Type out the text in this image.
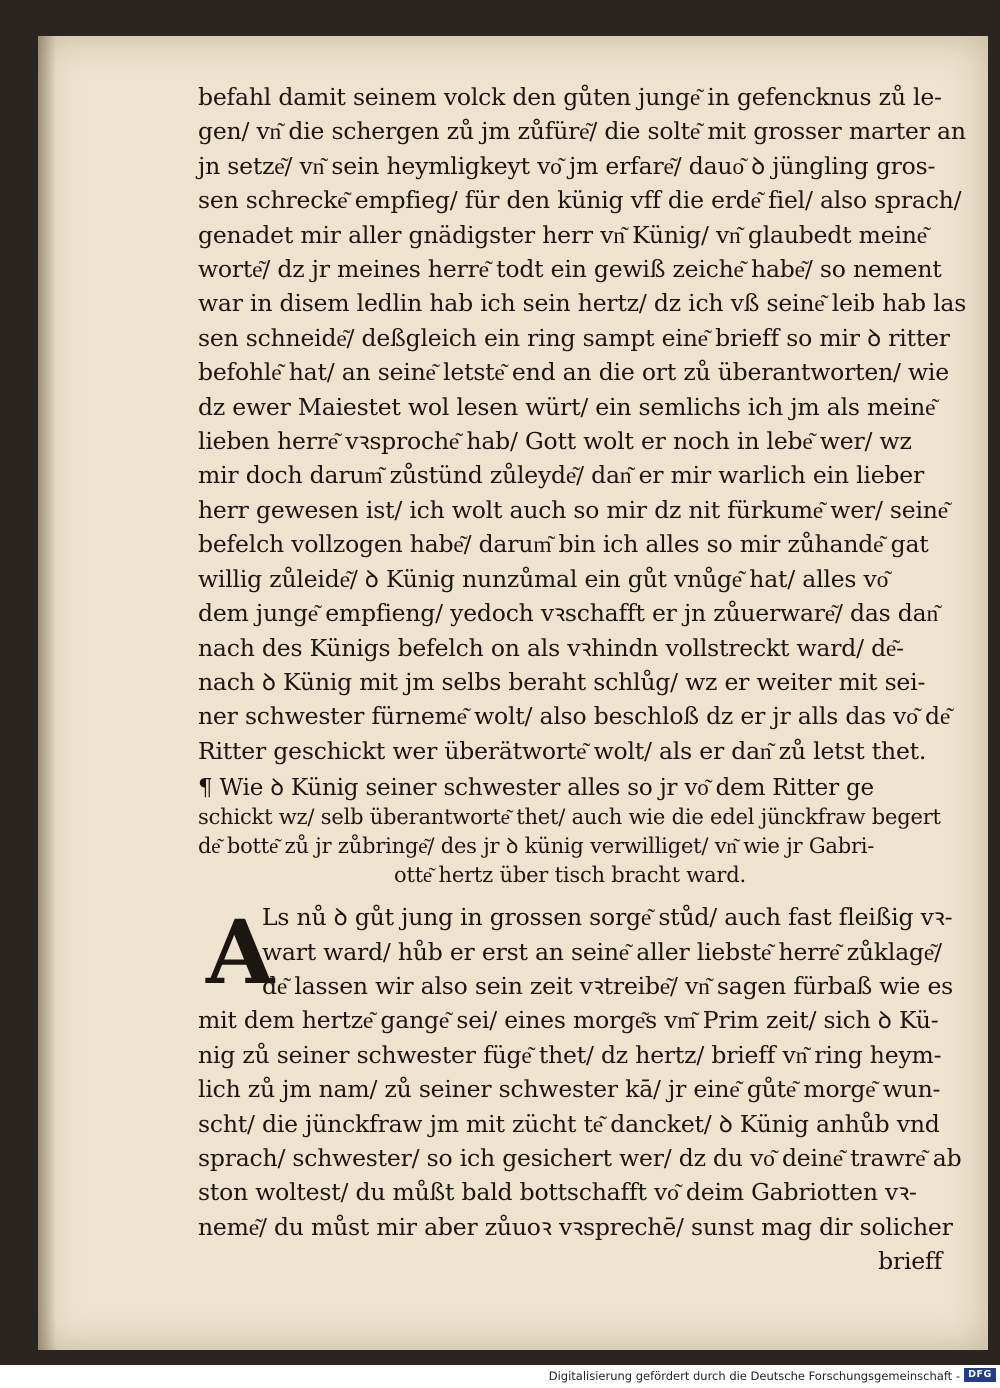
befahl damit seinem volck den gůten junge͂ in gefencknus zů le-
gen/ vn͂ die schergen zů jm zůfüre͂/ die solte͂ mit grosser marter an
jn setze͂/ vn͂ sein heymligkeyt vo͂ jm erfare͂/ dauo͂ ꝺ jüngling gros-
sen schrecke͂ empfieg/ für den künig vff die erde͂ fiel/ also sprach/
genadet mir aller gnädigster herr vn͂ Künig/ vn͂ glaubedt meine͂
worte͂/ dz jr meines herre͂ todt ein gewiß zeiche͂ habe͂/ so nement
war in disem ledlin hab ich sein hertz/ dz ich vß seine͂ leib hab las
sen schneide͂/ deßgleich ein ring sampt eine͂ brieff so mir ꝺ ritter
befohle͂ hat/ an seine͂ letste͂ end an die ort zů überantworten/ wie
dz ewer Maiestet wol lesen würt/ ein semlichs ich jm als meine͂
lieben herre͂ vꝛsproche͂ hab/ Gott wolt er noch in lebe͂ wer/ wz
mir doch darum͂ zůstünd zůleyde͂/ dan͂ er mir warlich ein lieber
herr gewesen ist/ ich wolt auch so mir dz nit fürkume͂ wer/ seine͂
befelch vollzogen habe͂/ darum͂ bin ich alles so mir zůhande͂ gat
willig zůleide͂/ ꝺ Künig nunzůmal ein gůt vnůge͂ hat/ alles vo͂
dem junge͂ empfieng/ yedoch vꝛschafft er jn zůuerware͂/ das dan͂
nach des Künigs befelch on als vꝛhindn vollstreckt ward/ de͂-
nach ꝺ Künig mit jm selbs beraht schlůg/ wz er weiter mit sei-
ner schwester fürneme͂ wolt/ also beschloß dz er jr alls das vo͂ de͂
Ritter geschickt wer überätworte͂ wolt/ als er dan͂ zů letst thet.
¶ Wie ꝺ Künig seiner schwester alles so jr vo͂ dem Ritter ge
schickt wz/ selb überantworte͂ thet/ auch wie die edel jünckfraw begert
de͂ botte͂ zů jr zůbringe͂/ des jr ꝺ künig verwilliget/ vn͂ wie jr Gabri-
otte͂ hertz über tisch bracht ward.
A
Ls nů ꝺ gůt jung in grossen sorge͂ stůd/ auch fast fleißig vꝛ-
wart ward/ hůb er erst an seine͂ aller liebste͂ herre͂ zůklage͂/
de͂ lassen wir also sein zeit vꝛtreibe͂/ vn͂ sagen fürbaß wie es
mit dem hertze͂ gange͂ sei/ eines morge͂s vm͂ Prim zeit/ sich ꝺ Kü-
nig zů seiner schwester füge͂ thet/ dz hertz/ brieff vn͂ ring heym-
lich zů jm nam/ zů seiner schwester kā/ jr eine͂ gůte͂ morge͂ wun-
scht/ die jünckfraw jm mit zücht te͂ dancket/ ꝺ Künig anhůb vnd
sprach/ schwester/ so ich gesichert wer/ dz du vo͂ deine͂ trawre͂ ab
ston woltest/ du můßt bald bottschafft vo͂ deim Gabriotten vꝛ-
neme͂/ du můst mir aber zůuoꝛ vꝛsprechē/ sunst mag dir solicher
brieff
Digitalisierung gefördert durch die Deutsche Forschungsgemeinschaft - DFG
